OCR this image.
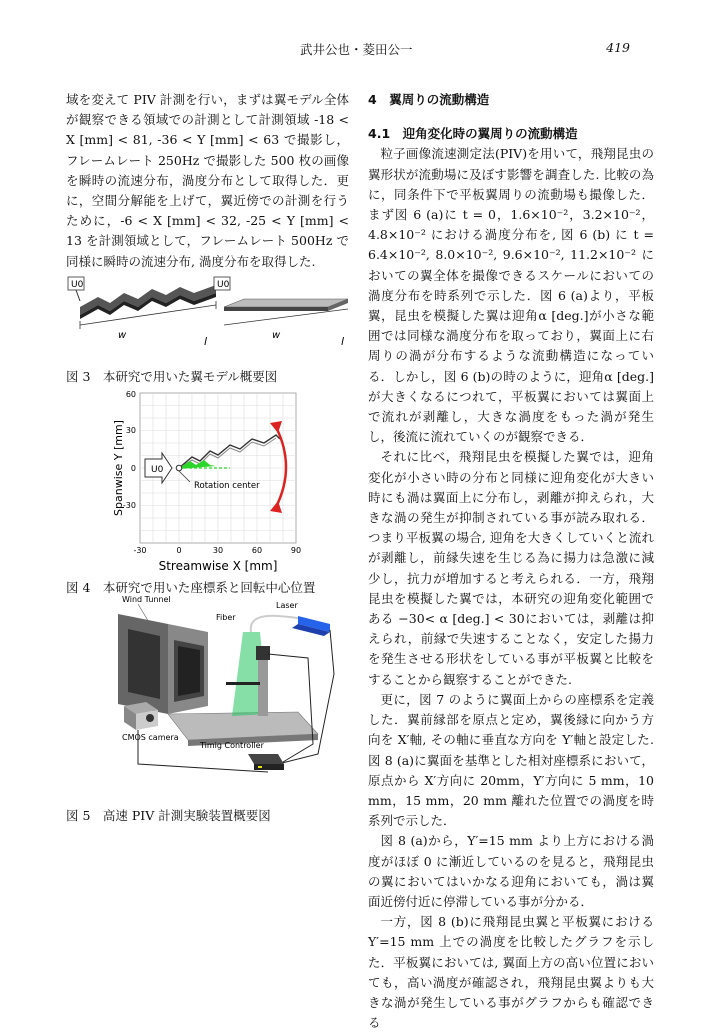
武井公也・菱田公一	419

域を変えて PIV 計測を行い，まずは翼モデル全体が観察できる領域での計測として計測領域 -18 < X [mm] < 81, -36 < Y [mm] < 63 で撮影し，フレームレート 250Hz で撮影した 500 枚の画像を瞬時の流速分布，渦度分布として取得した．更に，空間分解能を上げて，翼近傍での計測を行うために，-6 < X [mm] < 32, -25 < Y [mm] < 13 を計測領域として，フレームレート 500Hz で同様に瞬時の流速分布, 渦度分布を取得した.

U0
w	l
U0
w	l
図 3　本研究で用いた翼モデル概要図
60
30
0
-30
-30	0	30	60	90
Spanwise Y [mm]
Streamwise X [mm]
U0
Rotation center
図 4　本研究で用いた座標系と回転中心位置
Wind Tunnel
Fiber
Laser
CMOS camera
Timig Controller
図 5　高速 PIV 計測実験装置概要図

4　翼周りの流動構造

4.1　迎角変化時の翼周りの流動構造

粒子画像流速測定法(PIV)を用いて，飛翔昆虫の翼形状が流動場に及ぼす影響を調査した. 比較の為に，同条件下で平板翼周りの流動場も撮像した．まず図 6 (a)に t = 0，1.6×10⁻²，3.2×10⁻²，4.8×10⁻² における渦度分布を, 図 6 (b) に t = 6.4×10⁻², 8.0×10⁻², 9.6×10⁻², 11.2×10⁻² においての翼全体を撮像できるスケールにおいての渦度分布を時系列で示した．図 6 (a)より，平板翼，昆虫を模擬した翼は迎角α [deg.]が小さな範囲では同様な渦度分布を取っており，翼面上に右周りの渦が分布するような流動構造になっている．しかし，図 6 (b)の時のように，迎角α [deg.]が大きくなるにつれて，平板翼においては翼面上で流れが剥離し，大きな渦度をもった渦が発生し，後流に流れていくのが観察できる．

それに比べ，飛翔昆虫を模擬した翼では，迎角変化が小さい時の分布と同様に迎角変化が大きい時にも渦は翼面上に分布し，剥離が抑えられ，大きな渦の発生が抑制されている事が読み取れる．つまり平板翼の場合, 迎角を大きくしていくと流れが剥離し，前縁失速を生じる為に揚力は急激に減少し，抗力が増加すると考えられる．一方，飛翔昆虫を模擬した翼では，本研究の迎角変化範囲である −30< α [deg.] < 30においては，剥離は抑えられ，前縁で失速することなく，安定した揚力を発生させる形状をしている事が平板翼と比較をすることから観察することができた.

更に，図 7 のように翼面上からの座標系を定義した．翼前縁部を原点と定め，翼後縁に向かう方向を X′軸, その軸に垂直な方向を Y′軸と設定した. 図 8 (a)に翼面を基準とした相対座標系において，原点から X′方向に 20mm，Y′方向に 5 mm，10 mm，15 mm，20 mm 離れた位置での渦度を時系列で示した．

図 8 (a)から，Y′=15 mm より上方における渦度がほぼ 0 に漸近しているのを見ると，飛翔昆虫の翼においてはいかなる迎角においても，渦は翼面近傍付近に停滞している事が分かる．

一方，図 8 (b)に飛翔昆虫翼と平板翼における Y′=15 mm 上での渦度を比較したグラフを示した．平板翼においては, 翼面上方の高い位置においても，高い渦度が確認され，飛翔昆虫翼よりも大きな渦が発生している事がグラフからも確認できる
